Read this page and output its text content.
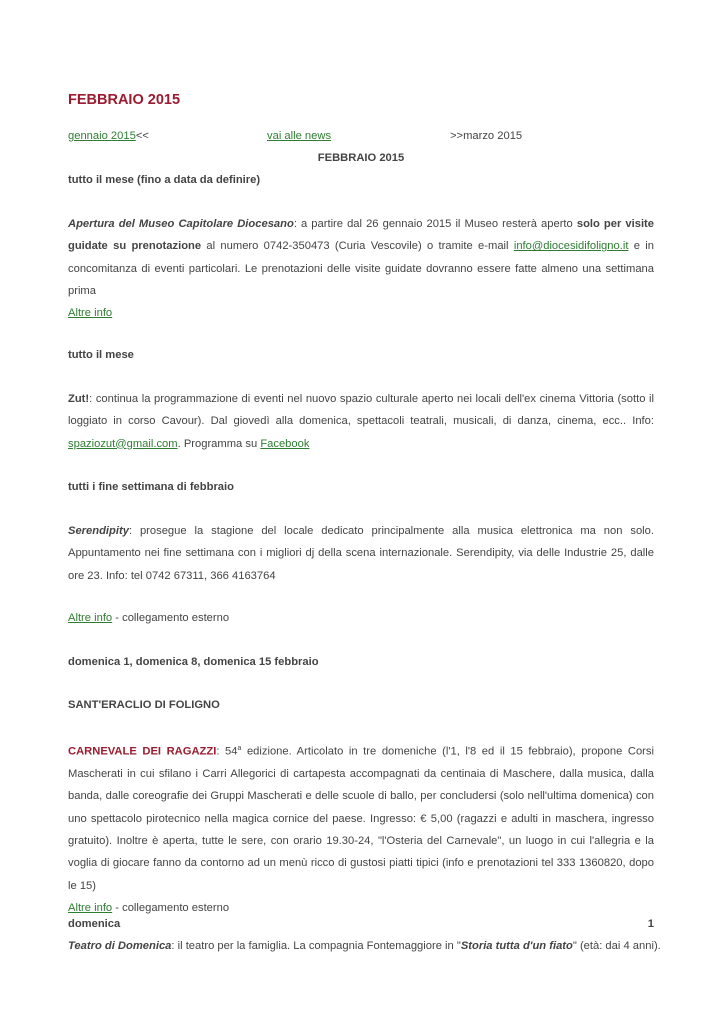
FEBBRAIO 2015
gennaio 2015<<	vai alle news	>>marzo 2015

FEBBRAIO 2015

tutto il mese (fino a data da definire)

Apertura del Museo Capitolare Diocesano: a partire dal 26 gennaio 2015 il Museo resterà aperto solo per visite guidate su prenotazione al numero 0742-350473 (Curia Vescovile) o tramite e-mail info@diocesidifoligno.it e in concomitanza di eventi particolari. Le prenotazioni delle visite guidate dovranno essere fatte almeno una settimana prima
Altre info

tutto il mese

Zut!: continua la programmazione di eventi nel nuovo spazio culturale aperto nei locali dell'ex cinema Vittoria (sotto il loggiato in corso Cavour). Dal giovedì alla domenica, spettacoli teatrali, musicali, di danza, cinema, ecc.. Info: spaziozut@gmail.com. Programma su Facebook

tutti i fine settimana di febbraio

Serendipity: prosegue la stagione del locale dedicato principalmente alla musica elettronica ma non solo. Appuntamento nei fine settimana con i migliori dj della scena internazionale. Serendipity, via delle Industrie 25, dalle ore 23. Info: tel 0742 67311, 366 4163764

Altre info - collegamento esterno

domenica 1, domenica 8, domenica 15 febbraio

SANT'ERACLIO DI FOLIGNO

CARNEVALE DEI RAGAZZI: 54$^a$ edizione. Articolato in tre domeniche (l'1, l'8 ed il 15 febbraio), propone Corsi Mascherati in cui sfilano i Carri Allegorici di cartapesta accompagnati da centinaia di Maschere, dalla musica, dalla banda, dalle coreografie dei Gruppi Mascherati e delle scuole di ballo, per concludersi (solo nell'ultima domenica) con uno spettacolo pirotecnico nella magica cornice del paese. Ingresso: € 5,00 (ragazzi e adulti in maschera, ingresso gratuito). Inoltre è aperta, tutte le sere, con orario 19.30-24, "l'Osteria del Carnevale", un luogo in cui l'allegria e la voglia di giocare fanno da contorno ad un menù ricco di gustosi piatti tipici (info e prenotazioni tel 333 1360820, dopo le 15)
Altre info - collegamento esterno

domenica	1

Teatro di Domenica: il teatro per la famiglia. La compagnia Fontemaggiore in "Storia tutta d'un fiato" (età: dai 4 anni).
